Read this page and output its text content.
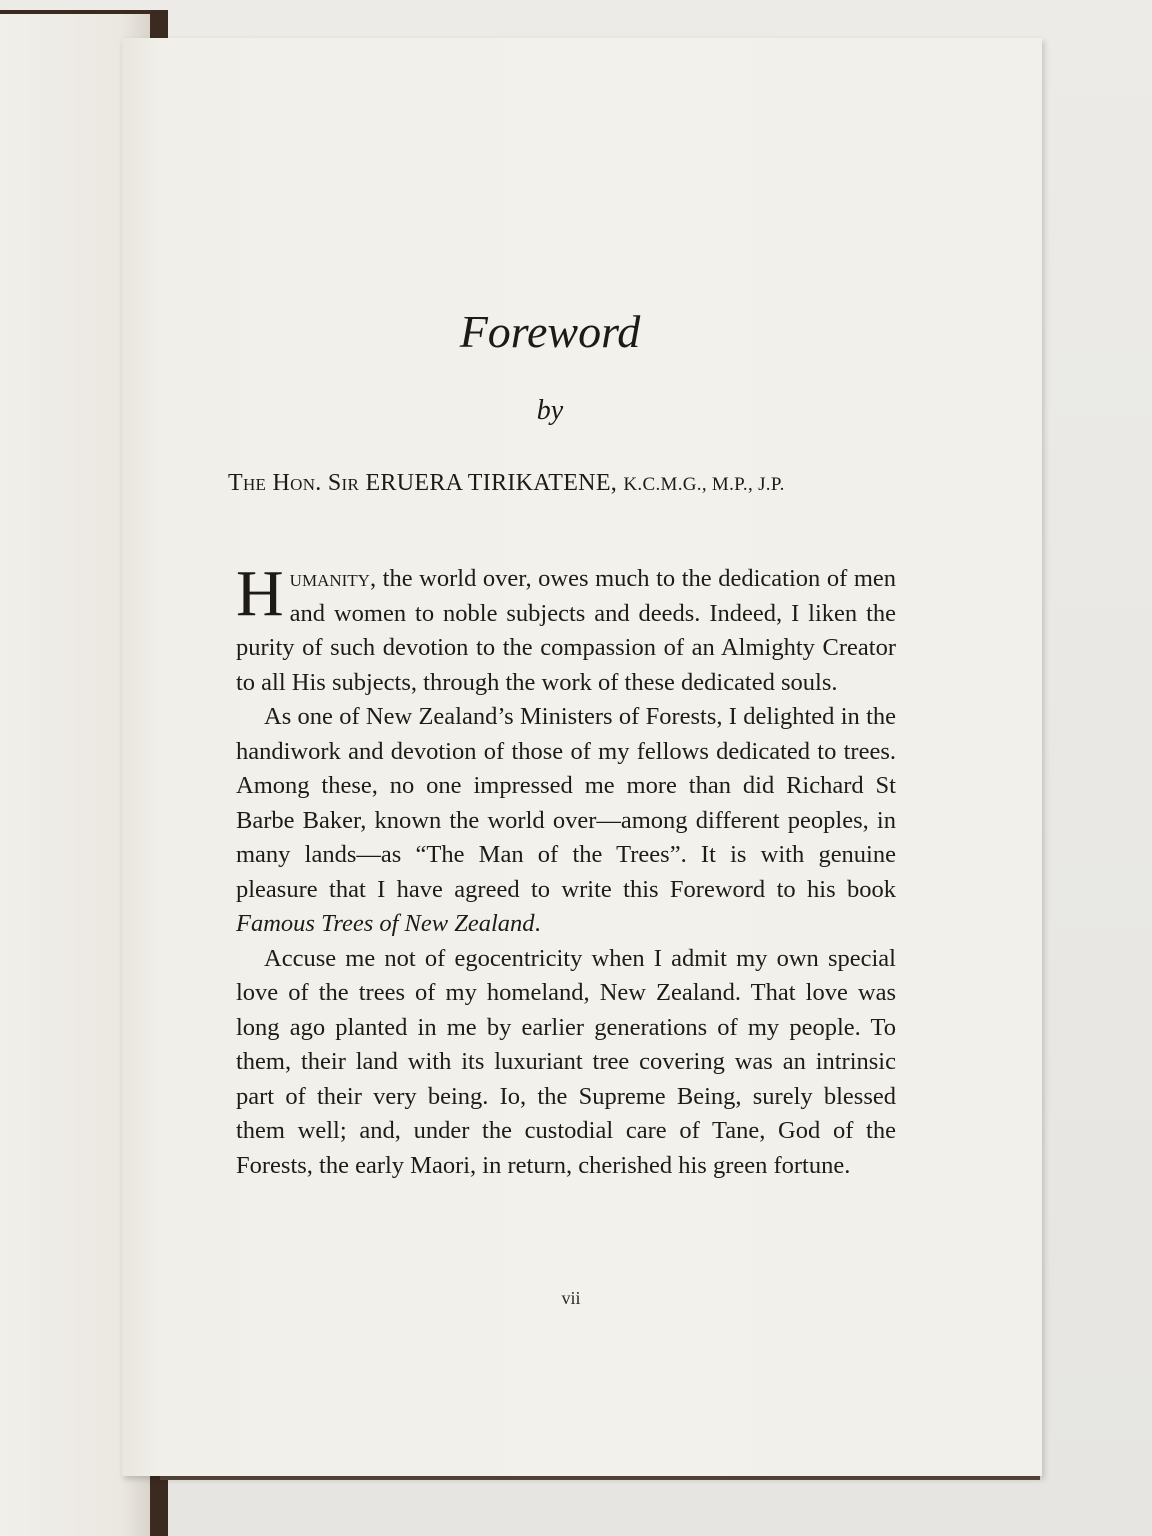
Foreword
by
The Hon. Sir ERUERA TIRIKATENE, K.C.M.G., M.P., J.P.

Humanity, the world over, owes much to the dedication of men and women to noble subjects and deeds. Indeed, I liken the purity of such devotion to the compassion of an Almighty Creator to all His subjects, through the work of these dedicated souls.

As one of New Zealand’s Ministers of Forests, I delighted in the handiwork and devotion of those of my fellows dedicated to trees. Among these, no one impressed me more than did Richard St Barbe Baker, known the world over—among different peoples, in many lands—as “The Man of the Trees”. It is with genuine pleasure that I have agreed to write this Foreword to his book Famous Trees of New Zealand.

Accuse me not of egocentricity when I admit my own special love of the trees of my homeland, New Zealand. That love was long ago planted in me by earlier generations of my people. To them, their land with its luxuriant tree covering was an intrinsic part of their very being. Io, the Supreme Being, surely blessed them well; and, under the custodial care of Tane, God of the Forests, the early Maori, in return, cherished his green fortune.

vii
